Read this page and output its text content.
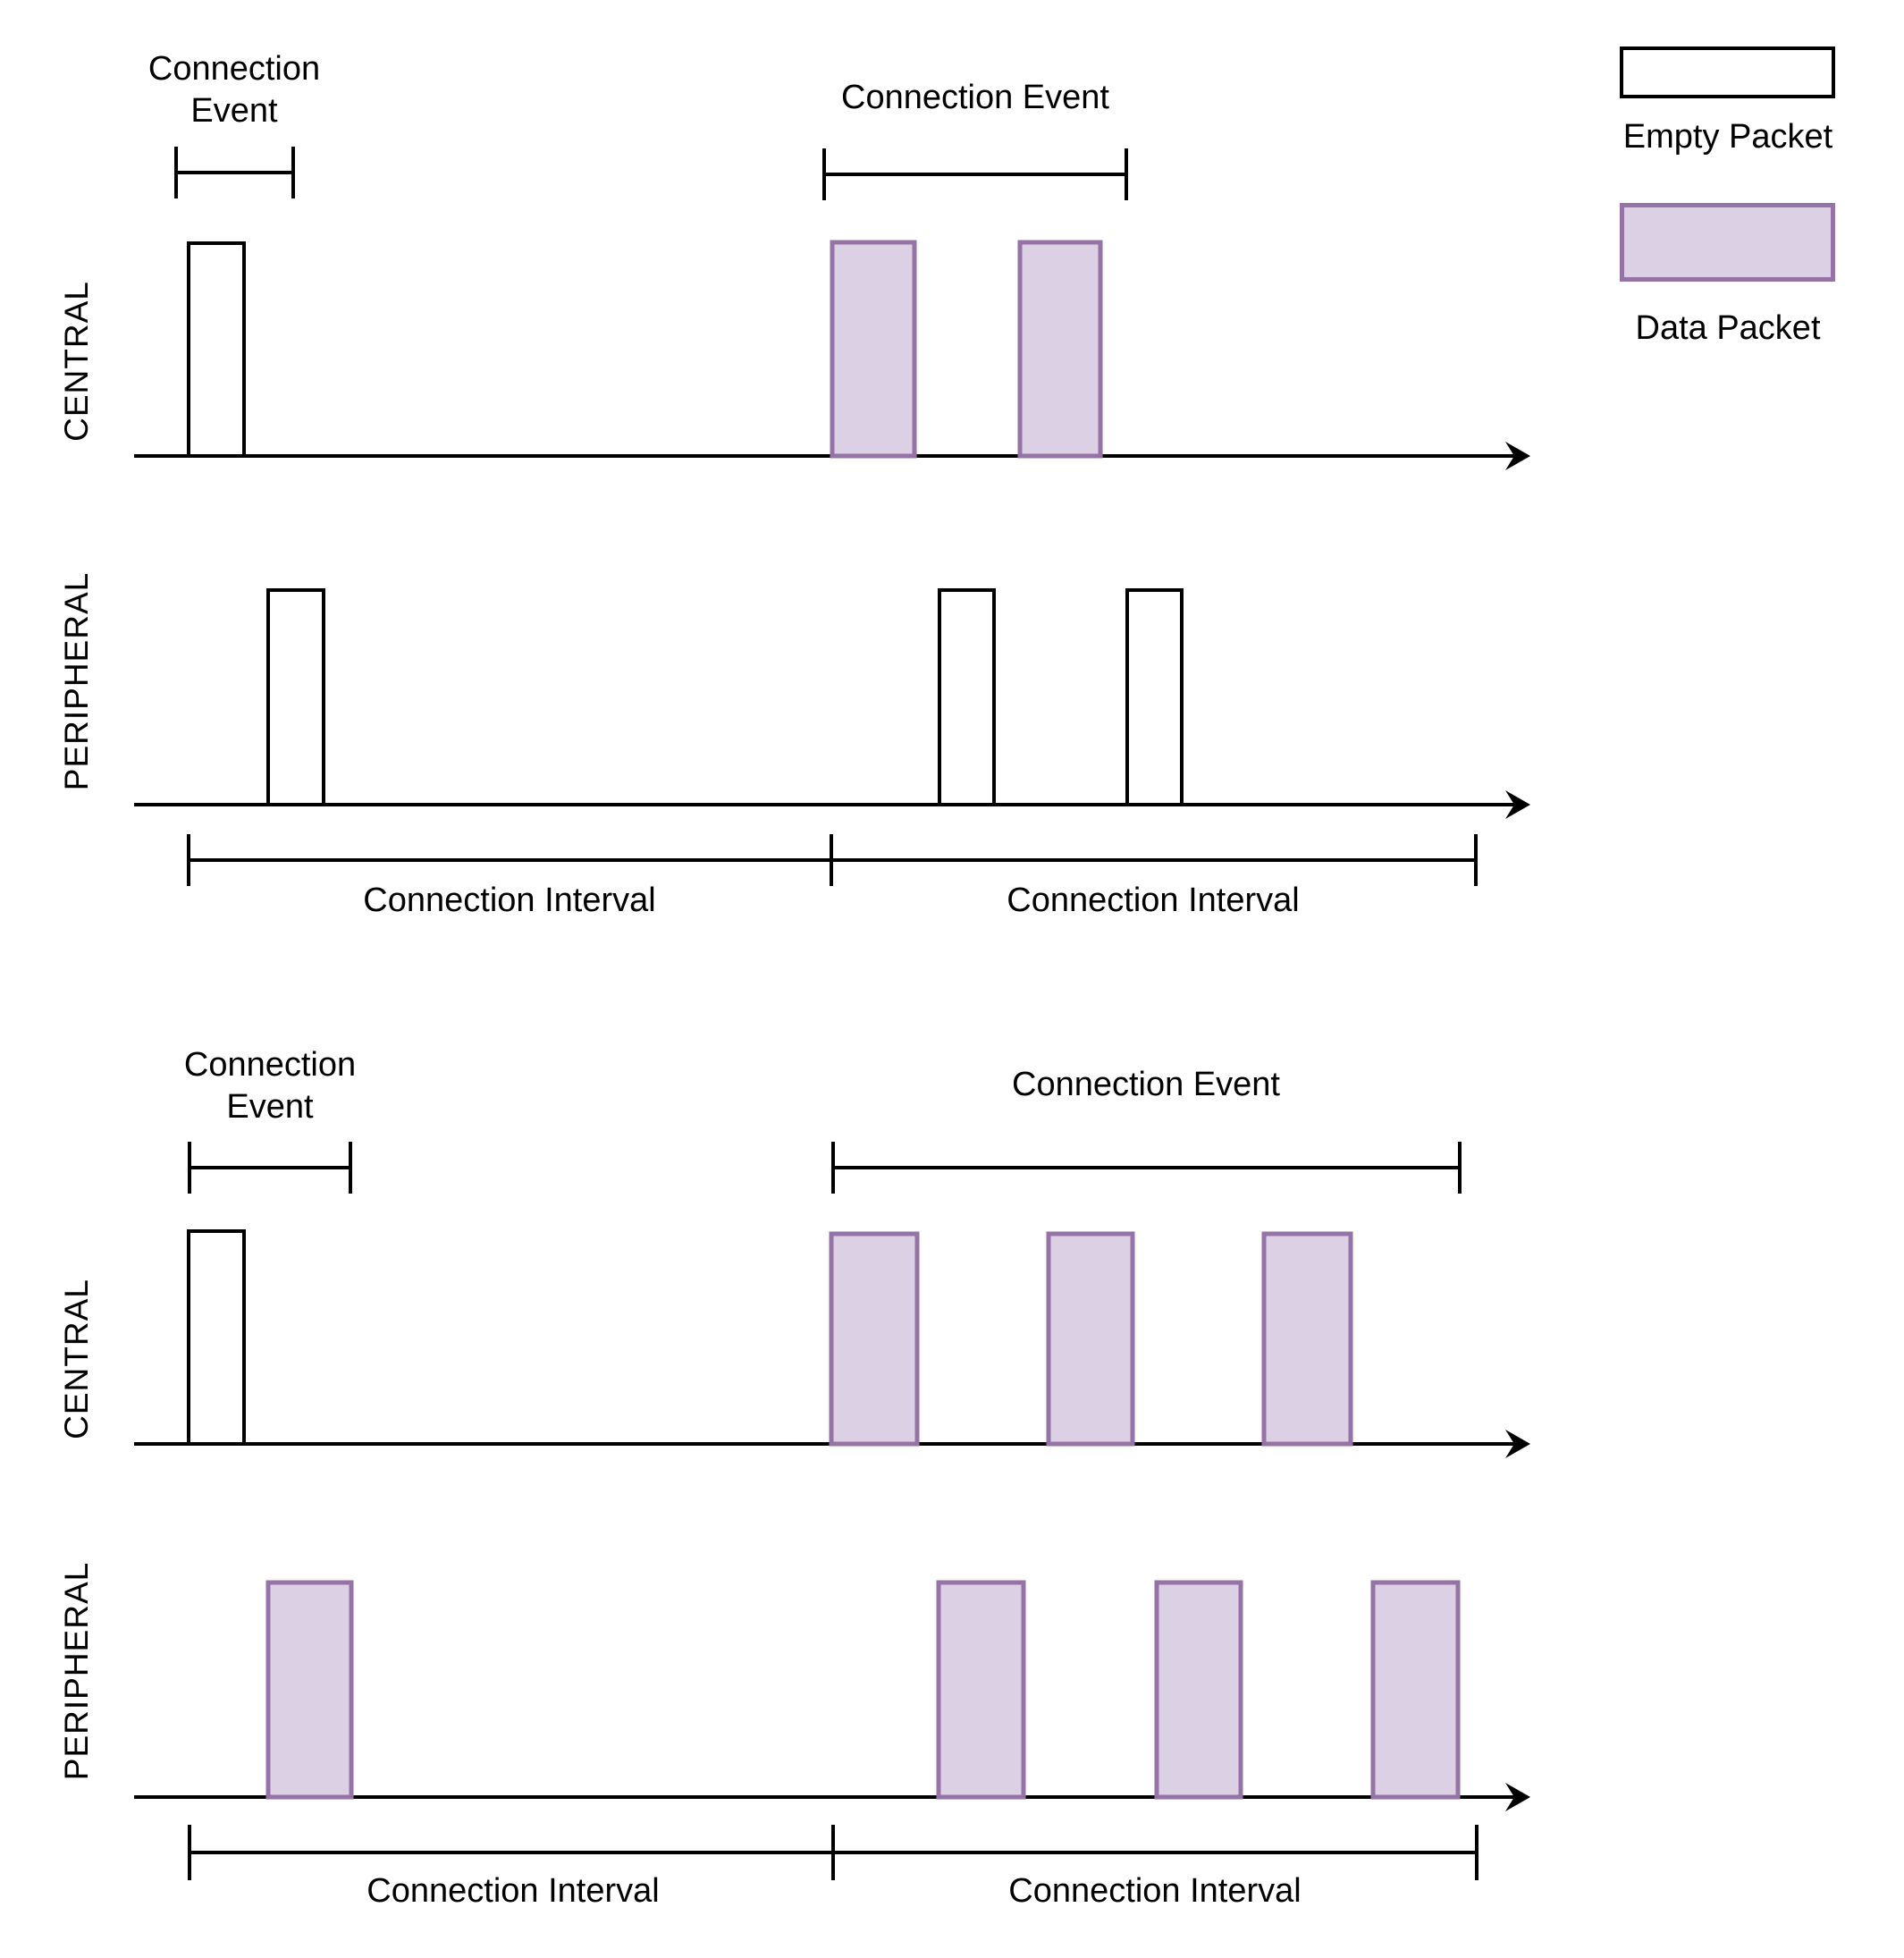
Connection
Event	Connection Event
CENTRAL
PERIPHERAL
Connection Interval	Connection Interval
Connection
Event
Connection Event
CENTRAL
PERIPHERAL
Connection Interval	Connection Interval
Empty Packet
Data Packet
